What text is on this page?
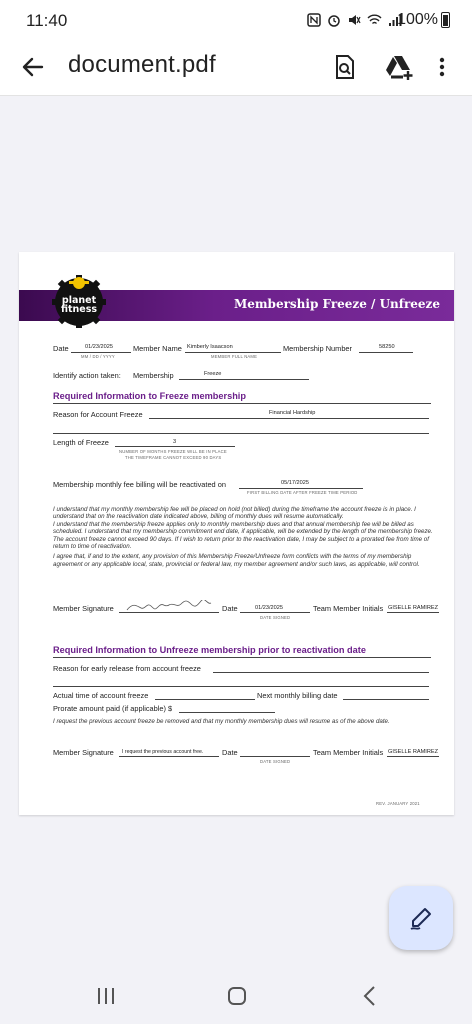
11:40	100%
document.pdf
Membership Freeze / Unfreeze
planet
fitness
Date	01/23/2025
MM / DD / YYYY
Member Name Kimberly Isaacson
MEMBER FULL NAME
Membership Number	58250
Identify action taken: Membership	Freeze
Required Information to Freeze membership
Reason for Account Freeze	Financial Hardship
Length of Freeze	3
NUMBER OF MONTHS FREEZE WILL BE IN PLACE
THE TIMEFRAME CANNOT EXCEED 90 DAYS
Membership monthly fee billing will be reactivated on	05/17/2025
FIRST BILLING DATE AFTER FREEZE TIME PERIOD
I understand that my monthly membership fee will be placed on hold (not billed) during the timeframe the account freeze is in place. I understand that on the reactivation date indicated above, billing of monthly dues will resume automatically.
I understand that the membership freeze applies only to monthly membership dues and that annual membership fee will be billed as scheduled. I understand that my membership commitment end date, if applicable, will be extended by the length of the membership freeze.
The account freeze cannot exceed 90 days. If I wish to return prior to the reactivation date, I may be subject to a prorated fee from time of return to time of reactivation.
I agree that, if and to the extent, any provision of this Membership Freeze/Unfreeze form conflicts with the terms of my membership agreement or any applicable local, state, provincial or federal law, my member agreement and/or such laws, as applicable, will control.
Member Signature	Date	01/23/2025
DATE SIGNED
Team Member Initials GISELLE RAMIREZ
Required Information to Unfreeze membership prior to reactivation date
Reason for early release from account freeze
Actual time of account freeze	Next monthly billing date
Prorate amount paid (if applicable) $
I request the previous account freeze be removed and that my monthly membership dues will resume as of the above date.
Member Signature I request the previous account free.	Date
DATE SIGNED
Team Member Initials GISELLE RAMIREZ
REV. JANUARY 2021
